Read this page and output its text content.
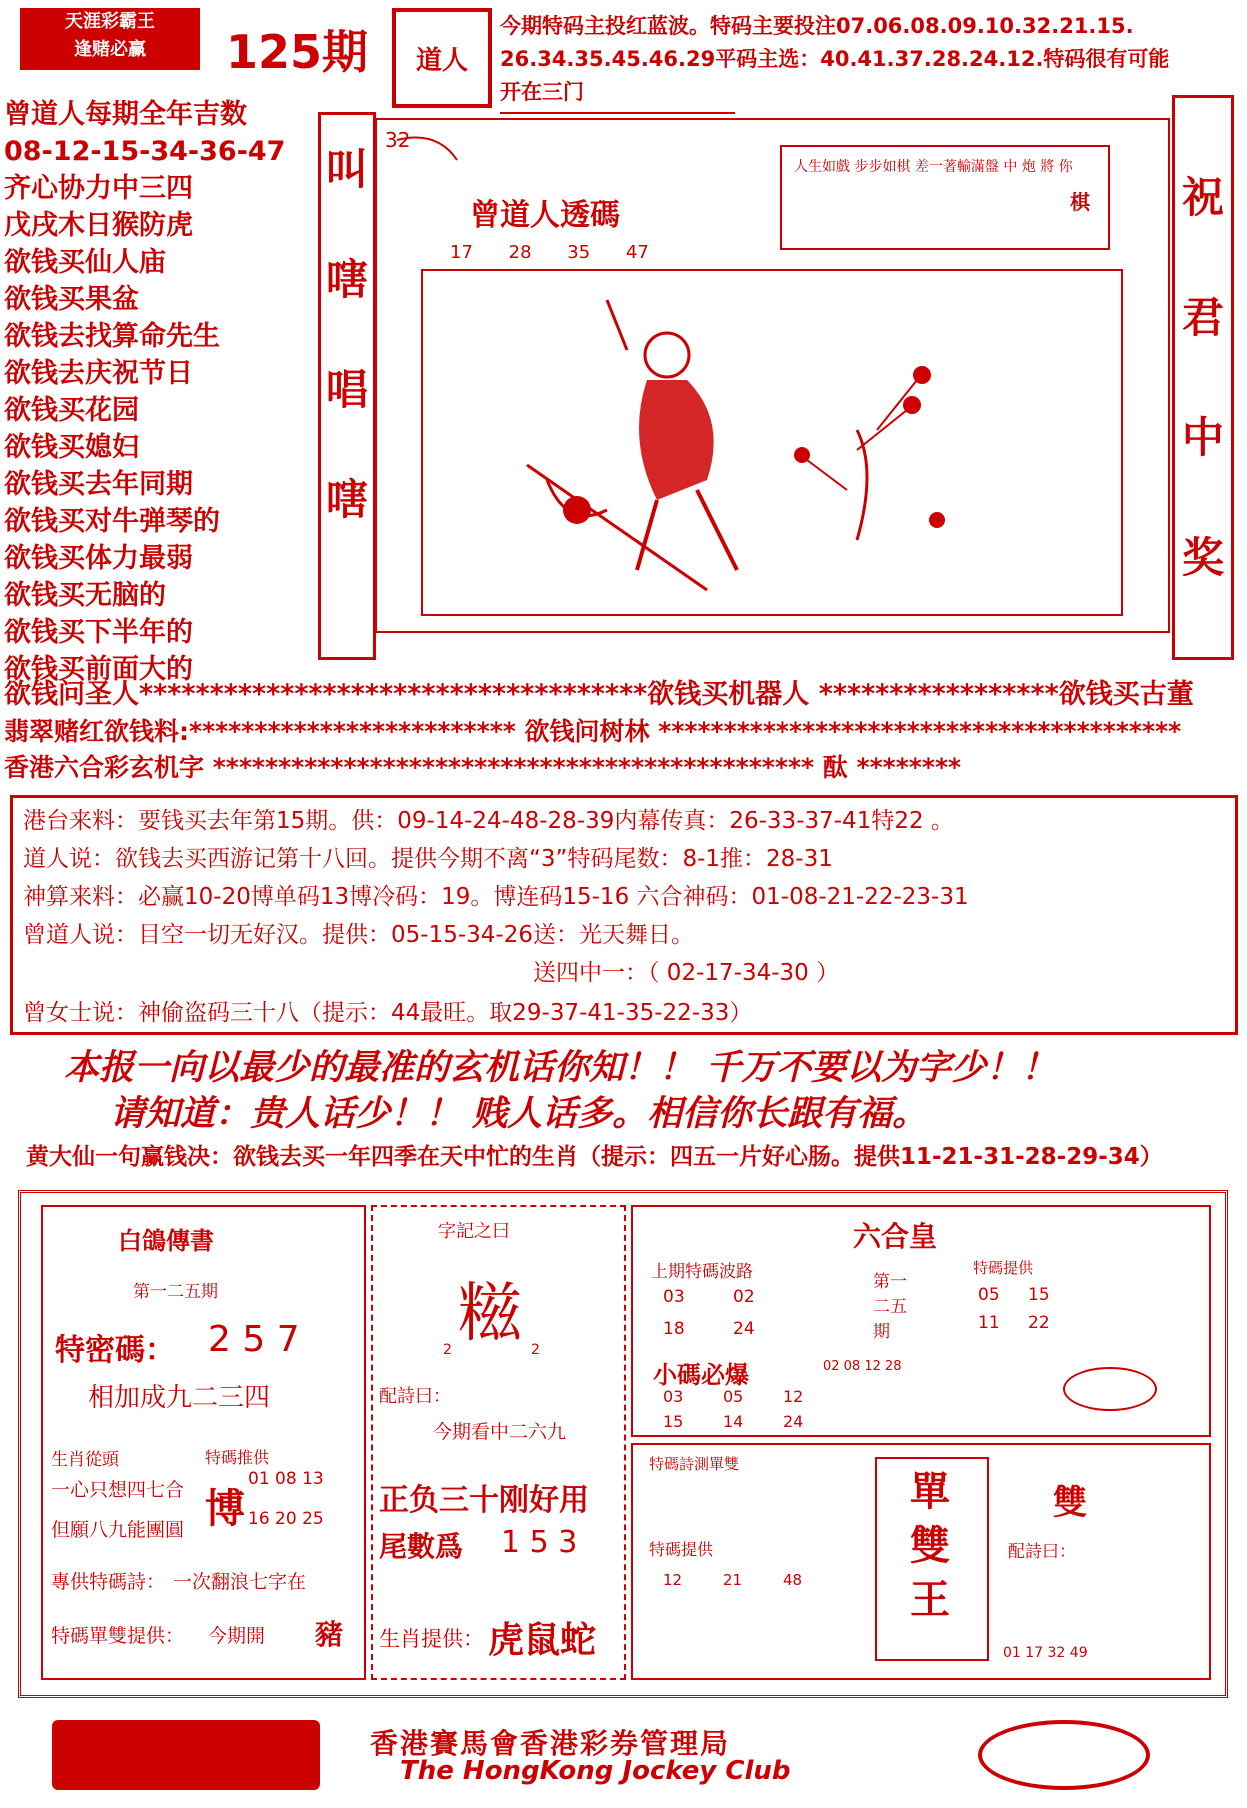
天涯彩霸王
逢赌必赢	125期	道人
今期特码主投红蓝波。特码主要投注07.06.08.09.10.32.21.15.
26.34.35.45.46.29平码主选：40.41.37.28.24.12.特码很有可能
开在三门
曾道人每期全年吉数
08-12-15-34-36-47
齐心协力中三四
戊戌木日猴防虎
欲钱买仙人庙
欲钱买果盆
欲钱去找算命先生
欲钱去庆祝节日
欲钱买花园
欲钱买媳妇
欲钱买去年同期
欲钱买对牛弹琴的
欲钱买体力最弱
欲钱买无脑的
欲钱买下半年的
欲钱买前面大的
叫
嗐
唱
嗐
祝
君
中
奖
32
曾道人透碼
17 28 35 47
人生如戲 步步如棋 差一著輸滿盤 中 炮 將 你
棋
欲钱问圣人************************************欲钱买机器人 *****************欲钱买古董
翡翠赌红欲钱料:************************* 欲钱问树林 ****************************************
香港六合彩玄机字 ********************************************** 酞 ********
港台来料：要钱买去年第15期。供：09-14-24-48-28-39内幕传真：26-33-37-41特22 。
道人说：欲钱去买西游记第十八回。提供今期不离“3”特码尾数：8-1推：28-31
神算来料：必赢10-20博单码13博冷码：19。博连码15-16 六合神码：01-08-21-22-23-31
曾道人说：目空一切无好汉。提供：05-15-34-26送：光天舞日。
送四中一：（ 02-17-34-30 ）
曾女士说：神偷盗码三十八（提示：44最旺。取29-37-41-35-22-33）
本报一向以最少的最准的玄机话你知！！ 千万不要以为字少！！
请知道：贵人话少！！ 贱人话多。相信你长跟有福。
黄大仙一句赢钱决：欲钱去买一年四季在天中忙的生肖（提示：四五一片好心肠。提供11-21-31-28-29-34）
白鴿傳書
第一二五期
特密碼： 2 5 7
相加成九二三四
生肖從頭
一心只想四七合
但願八九能團圓
特碼推供
博
01 08 13
16 20 25
專供特碼詩： 一次翻浪七字在
特碼單雙提供： 今期開 豬
字記之曰
糍
2	2
配詩曰：
今期看中二六九
正负三十刚好用
尾數爲 1 5 3
生肖提供： 虎鼠蛇
六合皇
上期特碼波路
03	02
18	24
第一二五期
特碼提供
05 15
11 22
小碼必爆	02 08 12 28
03 05 12
15 14 24
特碼詩測單雙
特碼提供
12	21	48
單雙王
雙
配詩曰：
01 17 32 49
香港賽馬會香港彩券管理局
The HongKong Jockey Club
